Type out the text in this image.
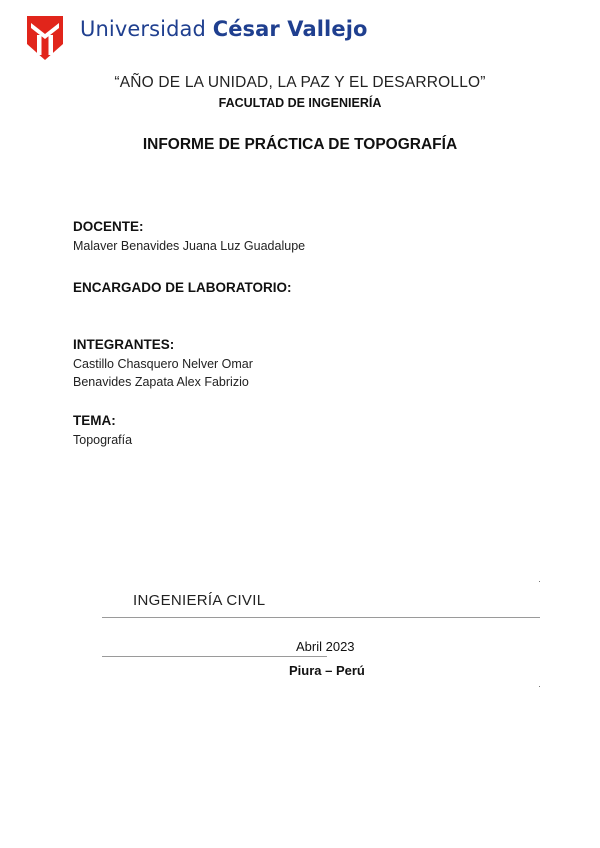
Universidad César Vallejo
“AÑO DE LA UNIDAD, LA PAZ Y EL DESARROLLO”
FACULTAD DE INGENIERÍA
INFORME DE PRÁCTICA DE TOPOGRAFÍA
DOCENTE:
Malaver Benavides Juana Luz Guadalupe
ENCARGADO DE LABORATORIO:
INTEGRANTES:
Castillo Chasquero Nelver Omar
Benavides Zapata Alex Fabrizio
TEMA:
Topografía
INGENIERÍA CIVIL
Abril 2023
Piura – Perú
